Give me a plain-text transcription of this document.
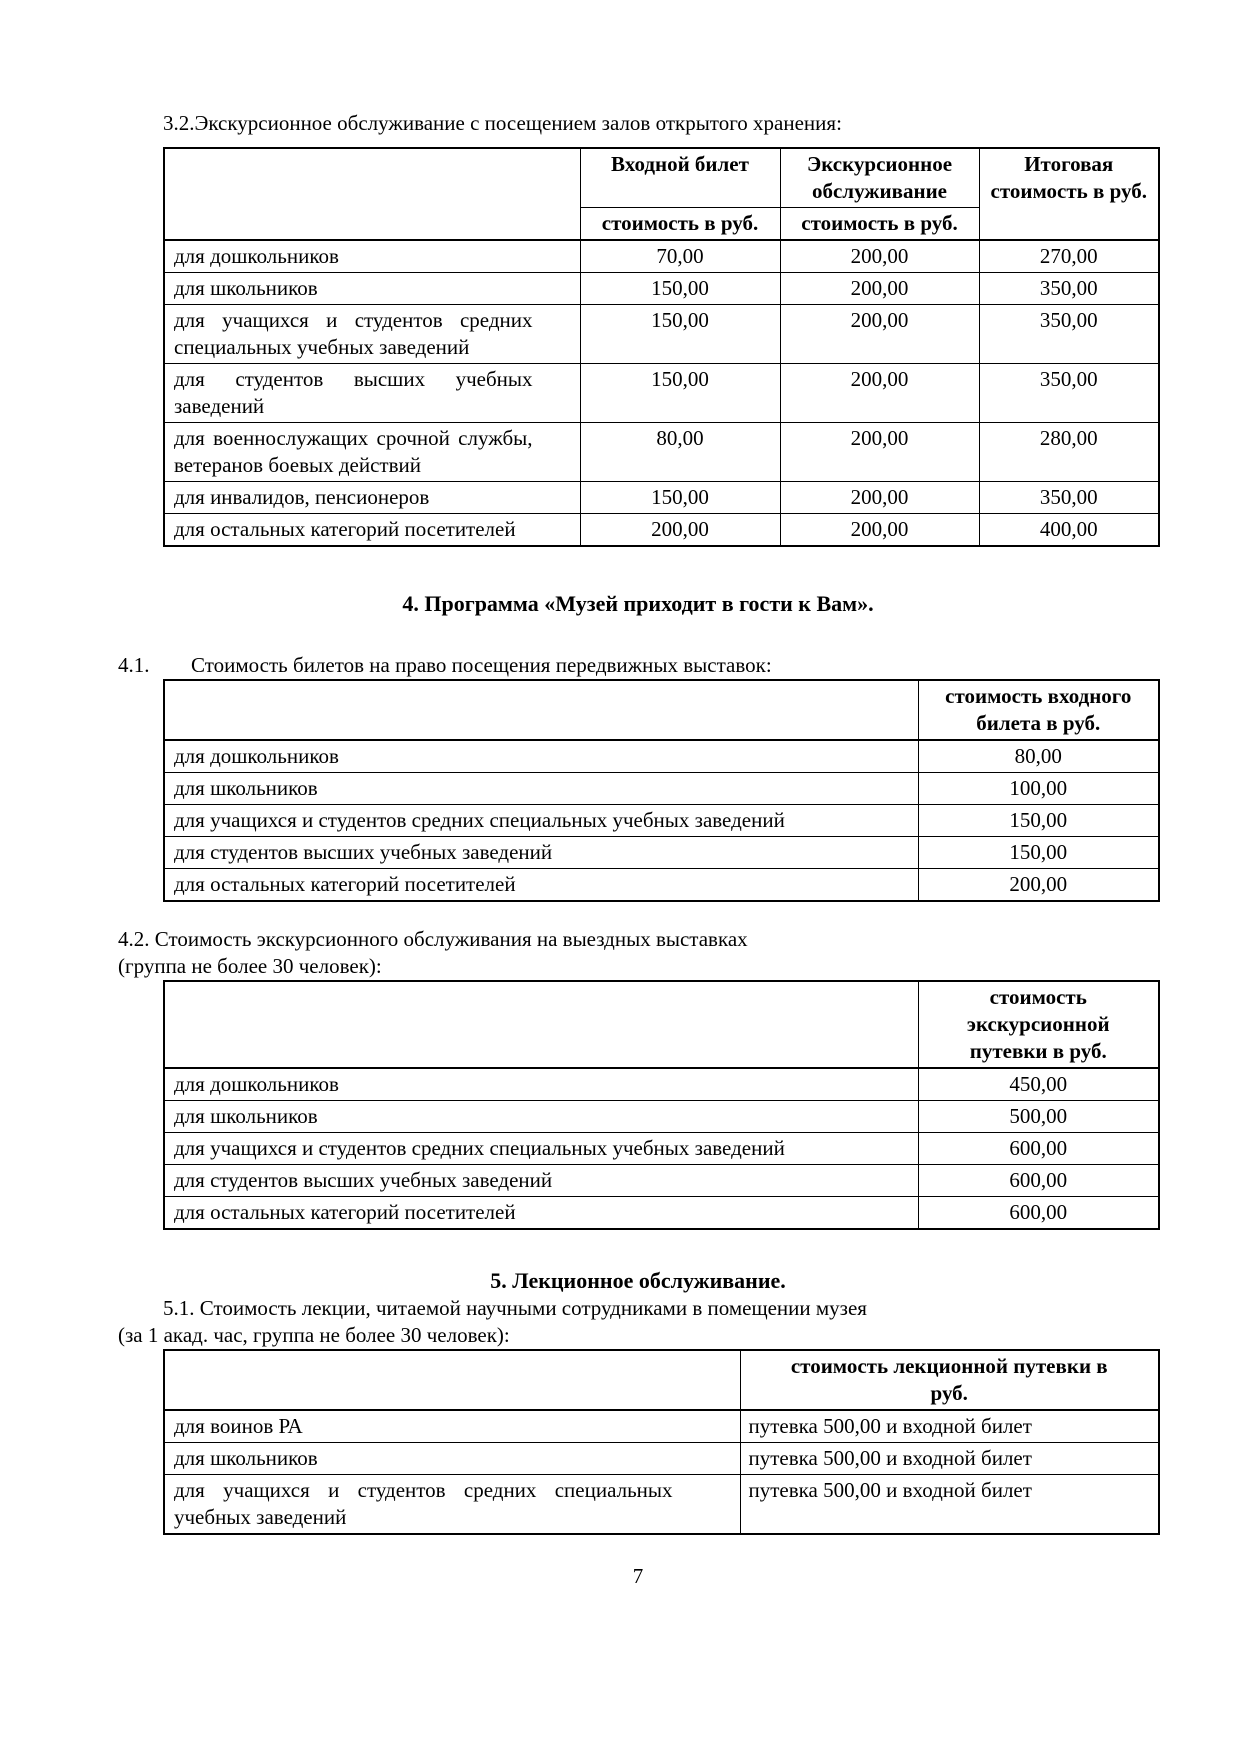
3.2.Экскурсионное обслуживание с посещением залов открытого хранения:

	Входной билет	Экскурсионное обслуживание	Итоговая стоимость в руб.
	стоимость в руб.	стоимость в руб.	
для дошкольников	70,00	200,00	270,00
для школьников	150,00	200,00	350,00
для учащихся и студентов средних специальных учебных заведений	150,00	200,00	350,00
для студентов высших учебных заведений	150,00	200,00	350,00
для военнослужащих срочной службы, ветеранов боевых действий	80,00	200,00	280,00
для инвалидов, пенсионеров	150,00	200,00	350,00
для остальных категорий посетителей	200,00	200,00	400,00

4. Программа «Музей приходит в гости к Вам».

4.1. Стоимость билетов на право посещения передвижных выставок:

	стоимость входного билета в руб.
для дошкольников	80,00
для школьников	100,00
для учащихся и студентов средних специальных учебных заведений	150,00
для студентов высших учебных заведений	150,00
для остальных категорий посетителей	200,00

4.2. Стоимость экскурсионного обслуживания на выездных выставках
(группа не более 30 человек):

	стоимость экскурсионной путевки в руб.
для дошкольников	450,00
для школьников	500,00
для учащихся и студентов средних специальных учебных заведений	600,00
для студентов высших учебных заведений	600,00
для остальных категорий посетителей	600,00

5. Лекционное обслуживание.

5.1. Стоимость лекции, читаемой научными сотрудниками в помещении музея
(за 1 акад. час, группа не более 30 человек):

	стоимость лекционной путевки в руб.
для воинов РА	путевка 500,00 и входной билет
для школьников	путевка 500,00 и входной билет
для учащихся и студентов средних специальных учебных заведений	путевка 500,00 и входной билет
7
